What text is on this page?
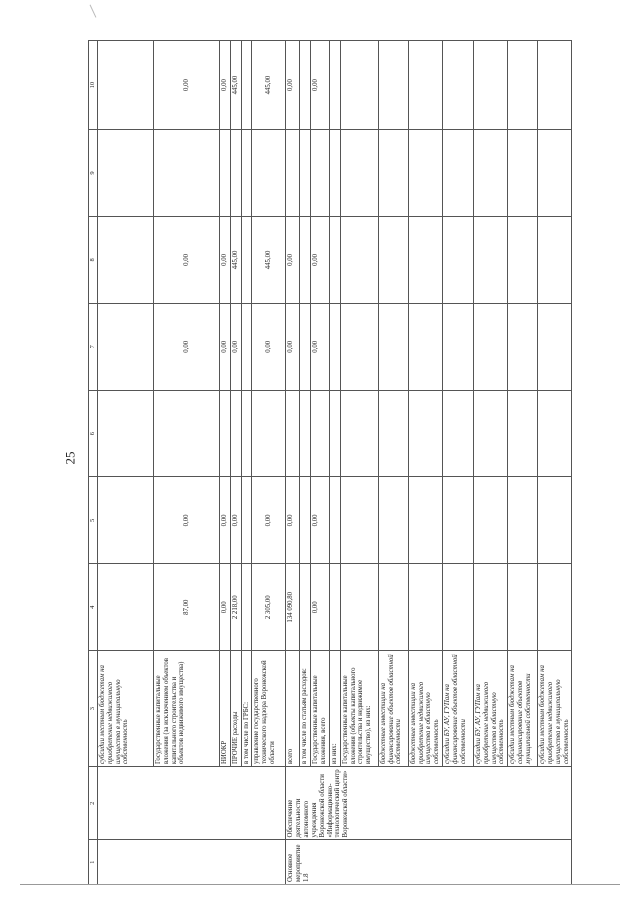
25
1	2	3	4	5	6	7	8	9	10
		субсидии местным бюджетам на приобретение недвижимого имущества в муниципальную собственность							
		Государственные капитальные вложения (за исключением объектов капитального строительства и объектов недвижимого имущества)	87,00	0,00		0,00	0,00		0,00
		НИОКР	0,00	0,00		0,00	0,00		0,00
		ПРОЧИЕ расходы	2 218,00	0,00		0,00	445,00		445,00
		в том числе по ГРБС:							
		управление государственного технического надзора Воронежской области	2 305,00	0,00		0,00	445,00		445,00
Основное мероприятие 1.8	Обеспечение деятельности автономного учреждения Воронежской области «Информационно-технологический центр Воронежской области»	всего	134 090,80	0,00		0,00	0,00		0,00
		в том числе по статьям расходов:							
		Государственные капитальные вложения, всего	0,00	0,00		0,00	0,00		0,00
		из них:							
		Государственные капитальные вложения (объекты капитального строительства и недвижимое имущество), из них:							
		бюджетные инвестиции на финансирование объектов областной собственности							
		бюджетные инвестиции на приобретение недвижимого имущества в областную собственность							
		субсидии БУ, АУ, ГУПам на финансирование объектов областной собственности							
		субсидии БУ, АУ, ГУПам на приобретение недвижимого имущества в областную собственность							
		субсидии местным бюджетам на софинансирование объектов муниципальной собственности							
		субсидии местным бюджетам на приобретение недвижимого имущества в муниципальную собственность							
